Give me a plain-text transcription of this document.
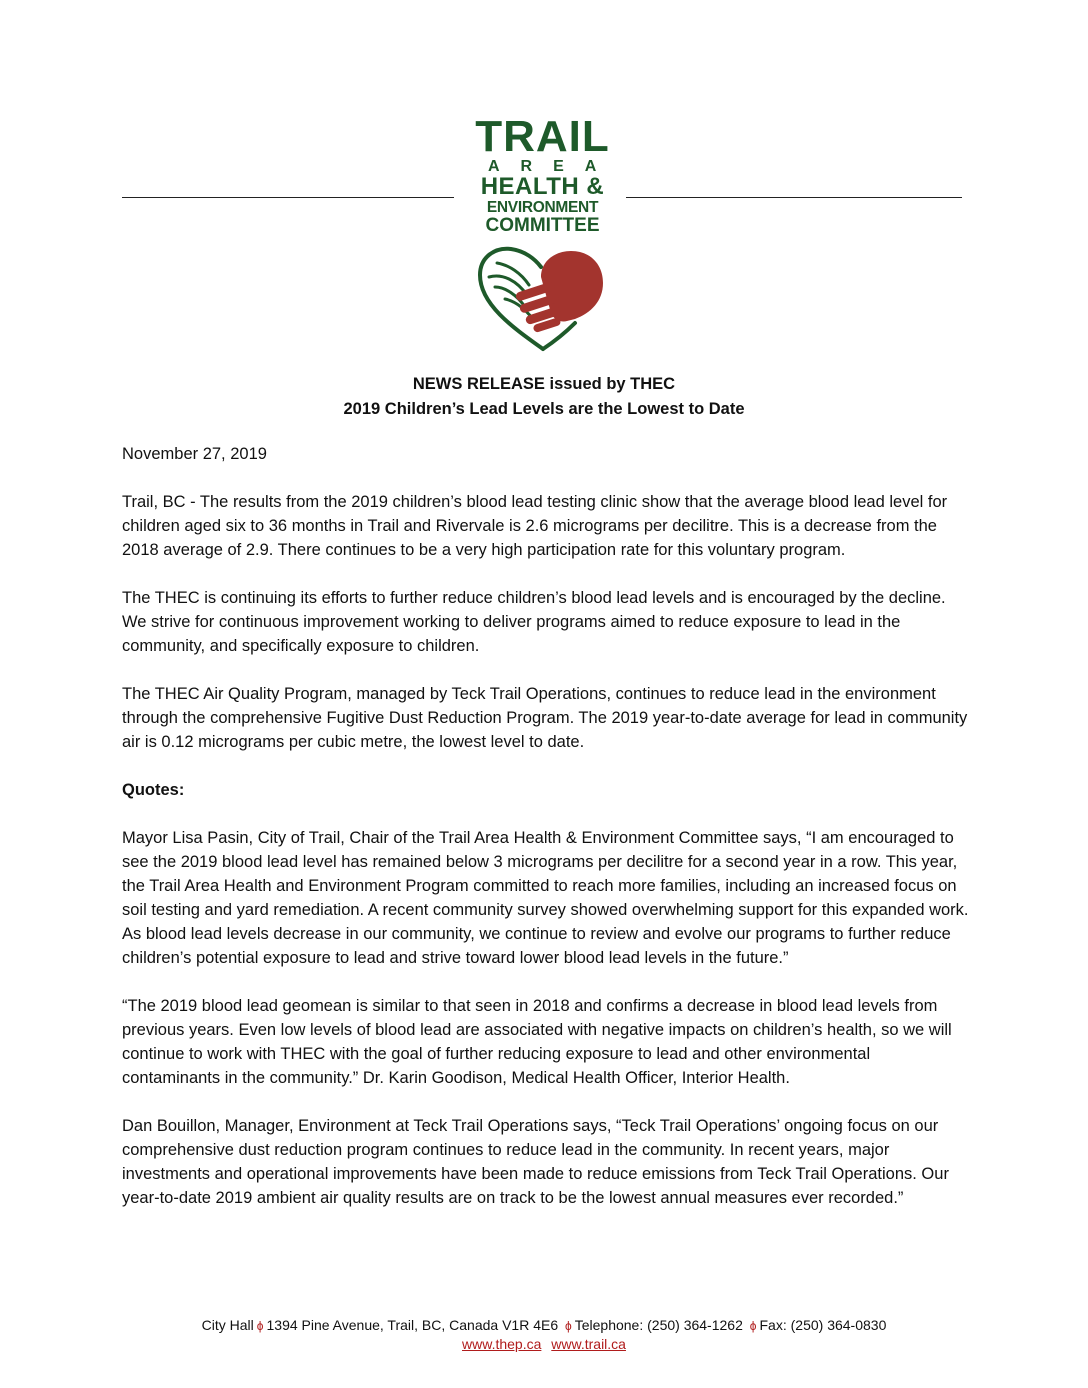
TRAIL
AREA
HEALTH &
ENVIRONMENT
COMMITTEE
NEWS RELEASE issued by THEC
2019 Children’s Lead Levels are the Lowest to Date

November 27, 2019

Trail, BC - The results from the 2019 children’s blood lead testing clinic show that the average blood lead level for children aged six to 36 months in Trail and Rivervale is 2.6 micrograms per decilitre. This is a decrease from the 2018 average of 2.9. There continues to be a very high participation rate for this voluntary program.

The THEC is continuing its efforts to further reduce children’s blood lead levels and is encouraged by the decline. We strive for continuous improvement working to deliver programs aimed to reduce exposure to lead in the community, and specifically exposure to children.

The THEC Air Quality Program, managed by Teck Trail Operations, continues to reduce lead in the environment through the comprehensive Fugitive Dust Reduction Program. The 2019 year-to-date average for lead in community air is 0.12 micrograms per cubic metre, the lowest level to date.

Quotes:

Mayor Lisa Pasin, City of Trail, Chair of the Trail Area Health & Environment Committee says, “I am encouraged to see the 2019 blood lead level has remained below 3 micrograms per decilitre for a second year in a row. This year, the Trail Area Health and Environment Program committed to reach more families, including an increased focus on soil testing and yard remediation. A recent community survey showed overwhelming support for this expanded work. As blood lead levels decrease in our community, we continue to review and evolve our programs to further reduce children’s potential exposure to lead and strive toward lower blood lead levels in the future.”

“The 2019 blood lead geomean is similar to that seen in 2018 and confirms a decrease in blood lead levels from previous years. Even low levels of blood lead are associated with negative impacts on children’s health, so we will continue to work with THEC with the goal of further reducing exposure to lead and other environmental contaminants in the community.” Dr. Karin Goodison, Medical Health Officer, Interior Health.

Dan Bouillon, Manager, Environment at Teck Trail Operations says, “Teck Trail Operations’ ongoing focus on our comprehensive dust reduction program continues to reduce lead in the community. In recent years, major investments and operational improvements have been made to reduce emissions from Teck Trail Operations. Our year-to-date 2019 ambient air quality results are on track to be the lowest annual measures ever recorded.”

City Hall ϕ 1394 Pine Avenue, Trail, BC, Canada V1R 4E6 ϕ Telephone: (250) 364-1262 ϕ Fax: (250) 364-0830
www.thep.ca www.trail.ca
